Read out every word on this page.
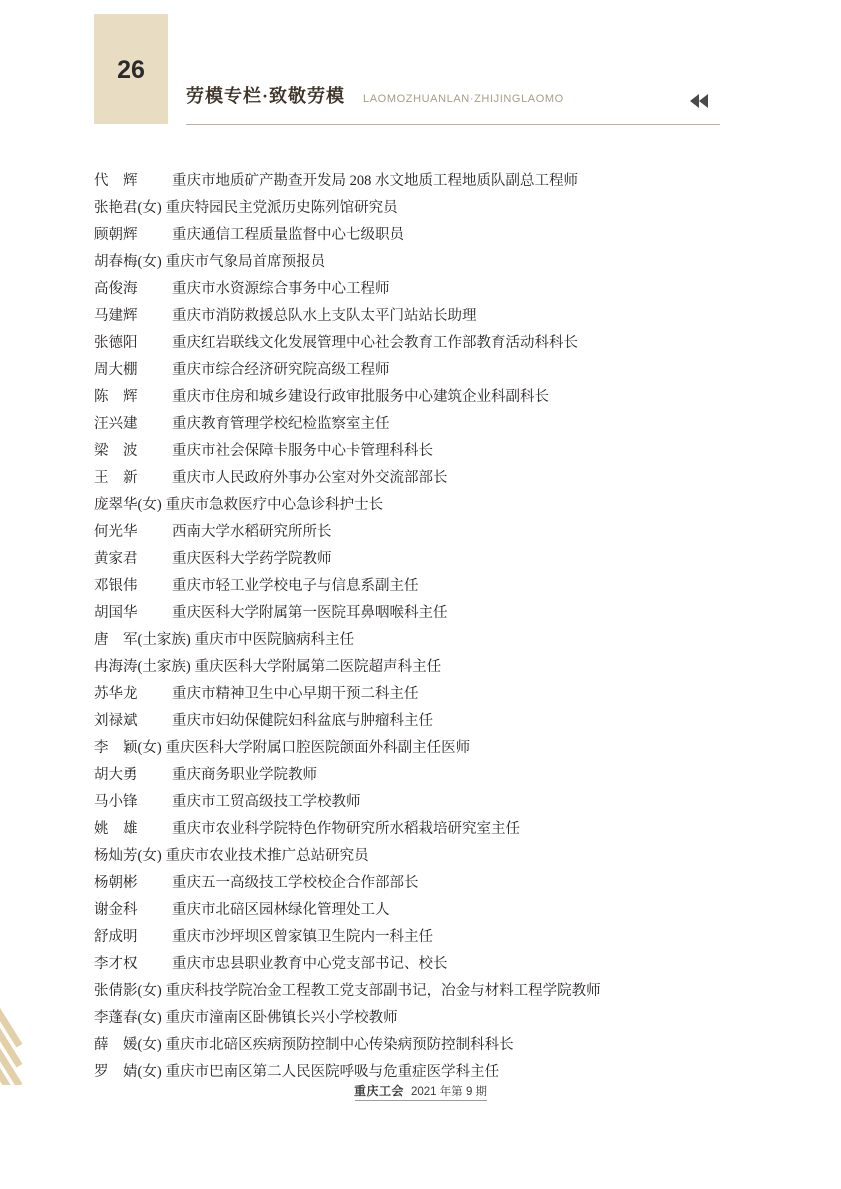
26
劳模专栏·致敬劳模 LAOMOZHUANLAN·ZHIJINGLAOMO
代　辉	重庆市地质矿产勘查开发局 208 水文地质工程地质队副总工程师
张艳君(女) 重庆特园民主党派历史陈列馆研究员
顾朝辉	重庆通信工程质量监督中心七级职员
胡春梅(女) 重庆市气象局首席预报员
高俊海	重庆市水资源综合事务中心工程师
马建辉	重庆市消防救援总队水上支队太平门站站长助理
张德阳	重庆红岩联线文化发展管理中心社会教育工作部教育活动科科长
周大棚	重庆市综合经济研究院高级工程师
陈　辉	重庆市住房和城乡建设行政审批服务中心建筑企业科副科长
汪兴建	重庆教育管理学校纪检监察室主任
梁　波	重庆市社会保障卡服务中心卡管理科科长
王　新	重庆市人民政府外事办公室对外交流部部长
庞翠华(女) 重庆市急救医疗中心急诊科护士长
何光华	西南大学水稻研究所所长
黄家君	重庆医科大学药学院教师
邓银伟	重庆市轻工业学校电子与信息系副主任
胡国华	重庆医科大学附属第一医院耳鼻咽喉科主任
唐　军(土家族) 重庆市中医院脑病科主任
冉海涛(土家族) 重庆医科大学附属第二医院超声科主任
苏华龙	重庆市精神卫生中心早期干预二科主任
刘禄斌	重庆市妇幼保健院妇科盆底与肿瘤科主任
李　颖(女) 重庆医科大学附属口腔医院颌面外科副主任医师
胡大勇	重庆商务职业学院教师
马小锋	重庆市工贸高级技工学校教师
姚　雄	重庆市农业科学院特色作物研究所水稻栽培研究室主任
杨灿芳(女) 重庆市农业技术推广总站研究员
杨朝彬	重庆五一高级技工学校校企合作部部长
谢金科	重庆市北碚区园林绿化管理处工人
舒成明	重庆市沙坪坝区曾家镇卫生院内一科主任
李才权	重庆市忠县职业教育中心党支部书记、校长
张倩影(女) 重庆科技学院冶金工程教工党支部副书记，冶金与材料工程学院教师
李蓬春(女) 重庆市潼南区卧佛镇长兴小学校教师
薛　媛(女) 重庆市北碚区疾病预防控制中心传染病预防控制科科长
罗　婧(女) 重庆市巴南区第二人民医院呼吸与危重症医学科主任
重庆工会 2021 年第 9 期
